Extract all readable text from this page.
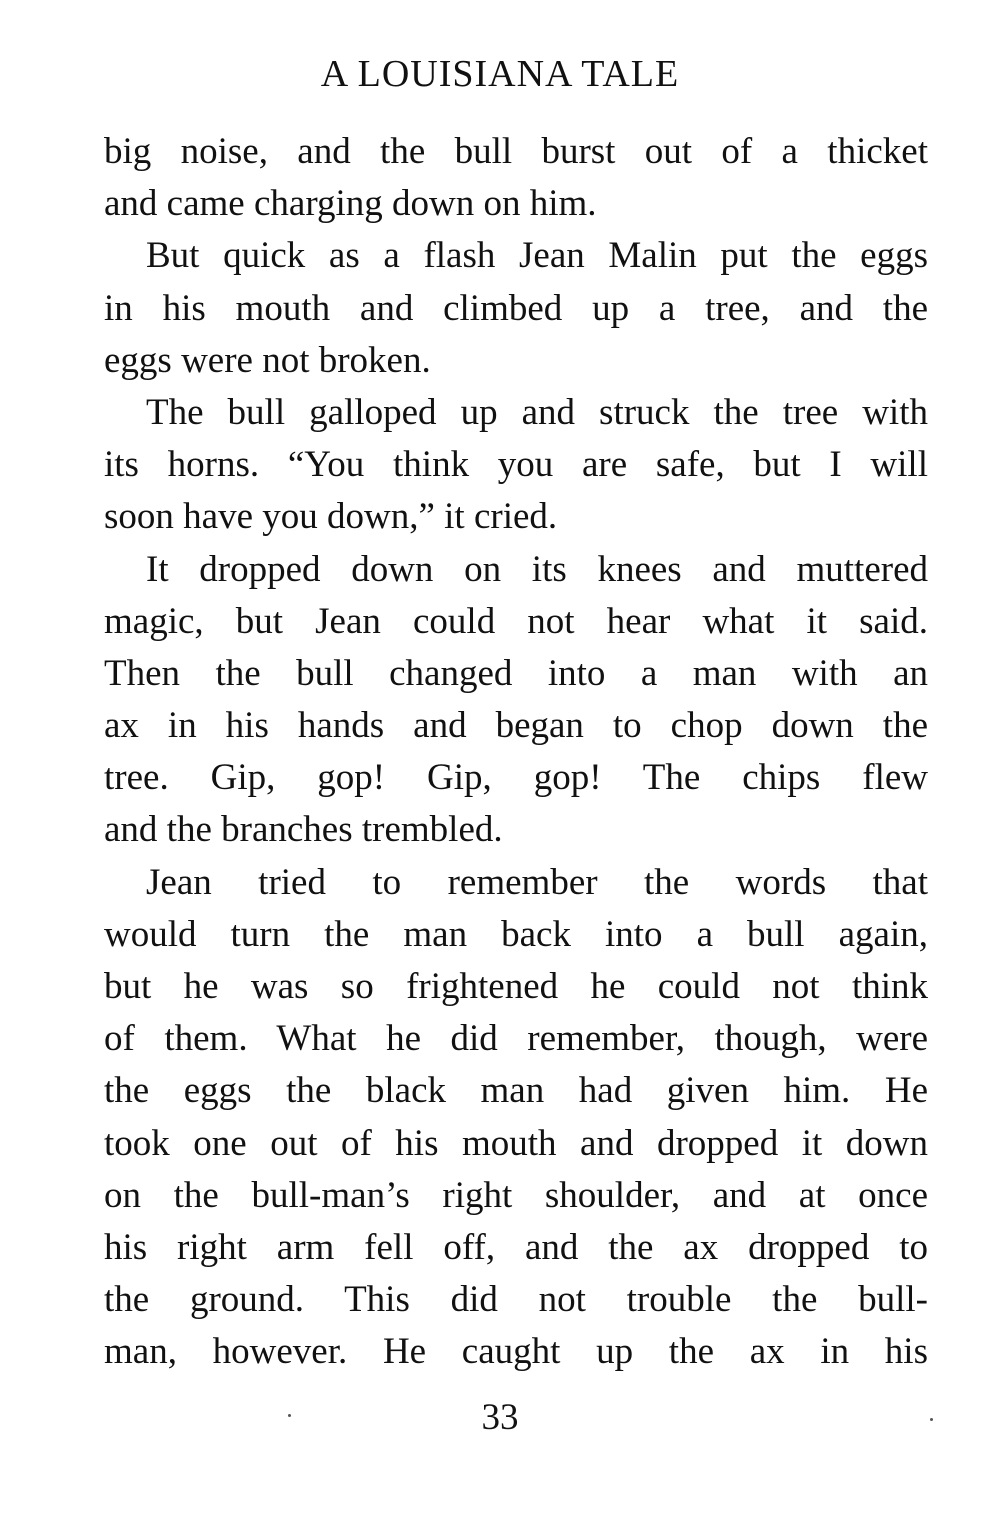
A LOUISIANA TALE
big noise, and the bull burst out of a thicket
and came charging down on him.
But quick as a flash Jean Malin put the eggs
in his mouth and climbed up a tree, and the
eggs were not broken.
The bull galloped up and struck the tree with
its horns. “You think you are safe, but I will
soon have you down,” it cried.
It dropped down on its knees and muttered
magic, but Jean could not hear what it said.
Then the bull changed into a man with an
ax in his hands and began to chop down the
tree. Gip, gop! Gip, gop! The chips flew
and the branches trembled.
Jean tried to remember the words that
would turn the man back into a bull again,
but he was so frightened he could not think
of them. What he did remember, though, were
the eggs the black man had given him. He
took one out of his mouth and dropped it down
on the bull-man’s right shoulder, and at once
his right arm fell off, and the ax dropped to
the ground. This did not trouble the bull-
man, however. He caught up the ax in his
33
